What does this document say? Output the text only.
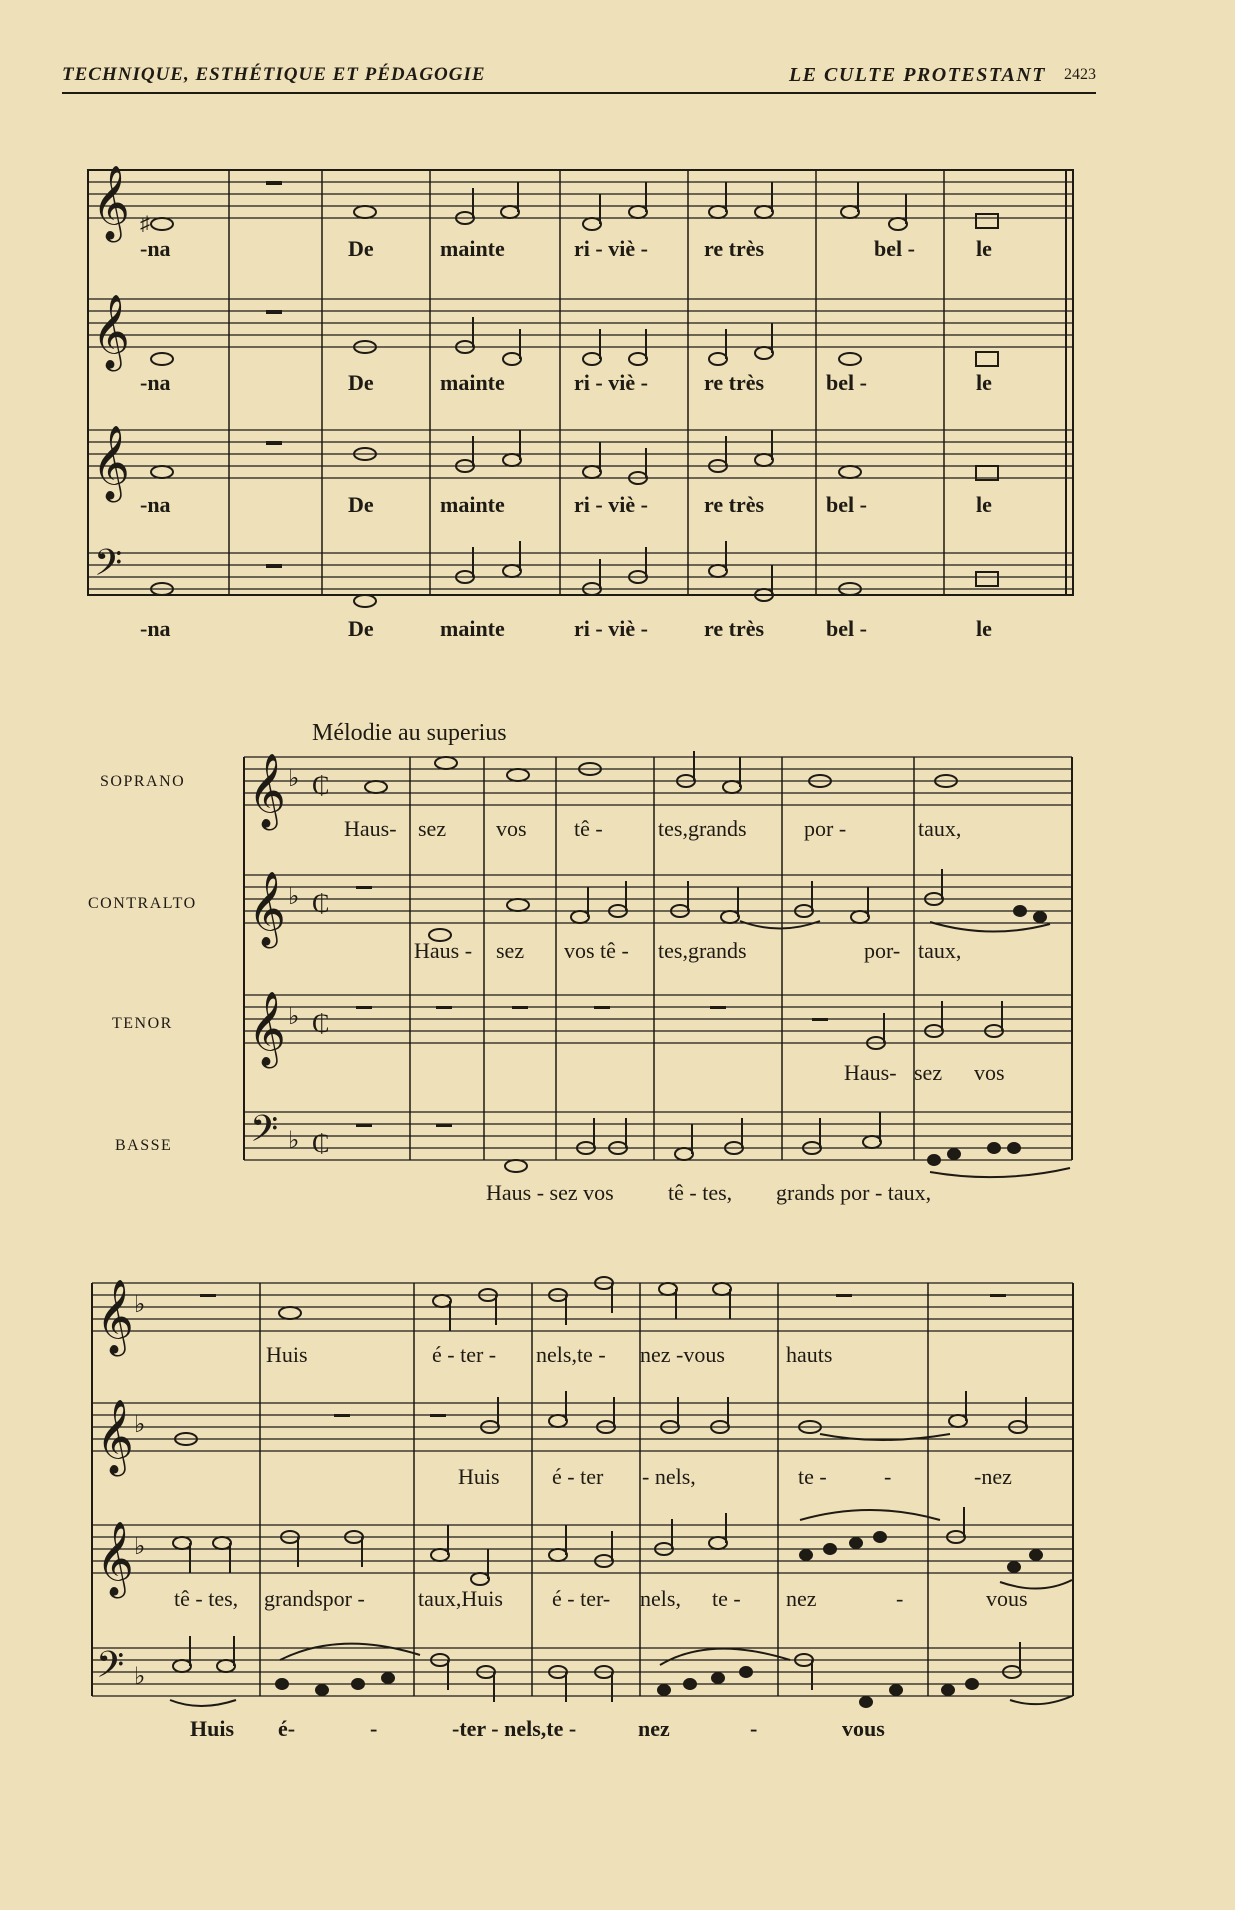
TECHNIQUE, ESTHÉTIQUE ET PÉDAGOGIE	LE CULTE PROTESTANT 2423
𝄞
𝄞
𝄞
𝄢
♯
-na	De	mainte	ri - viè -	re très	bel -	le
-na	De	mainte	ri - viè -	re très	bel -	le
-na	De	mainte	ri - viè -	re très	bel -	le
-na	De	mainte	ri - viè -	re très	bel -	le
Mélodie au superius
SOPRANO
CONTRALTO
TENOR
BASSE
𝄞 ♭ ₵
𝄞 ♭ ₵
𝄞 ♭ ₵
𝄢 ♭ ₵
Haus- sez vos tê -	tes,grands	por -	taux,
Haus - sez vos tê - tes,grands	por- taux,
Haus- sez vos
Haus - sez vos tê - tes, grands por - taux,
𝄞 ♭
𝄞 ♭
𝄞 ♭
𝄢 ♭
Huis	é - ter - nels,te - nez -vous	hauts
Huis é - ter - nels,	te -	-	-nez
tê - tes, grandspor - taux,Huis é - ter- nels, te - nez	-	vous
Huis é-	-	-ter - nels,te -	nez	-	vous
